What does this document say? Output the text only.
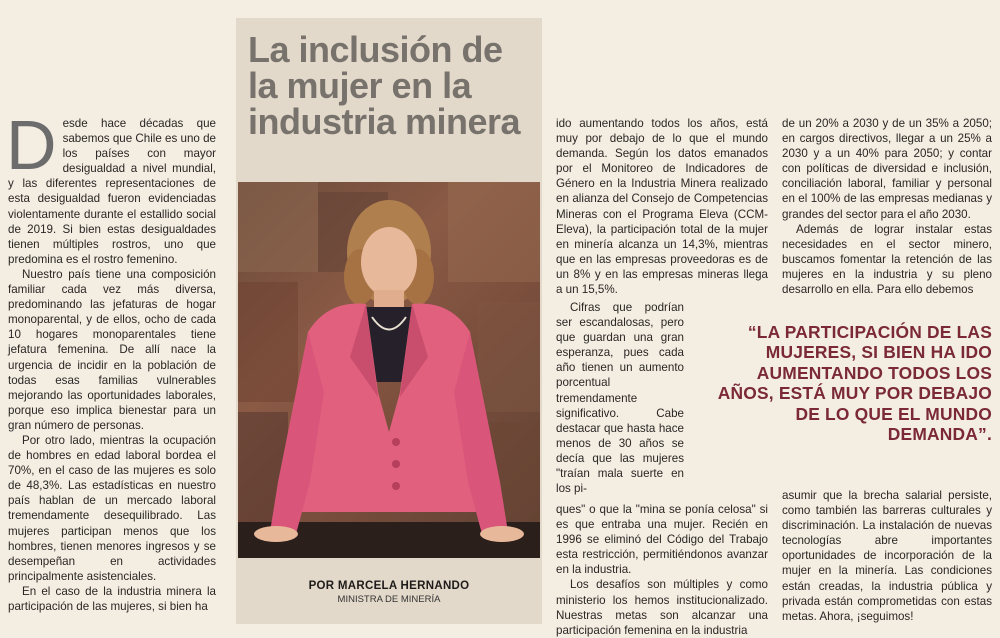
Desde hace décadas que sabemos que Chile es uno de los países con mayor desigualdad a nivel mundial, y las diferentes representaciones de esta desigualdad fueron evidenciadas violentamente durante el estallido social de 2019. Si bien estas desigualdades tienen múltiples rostros, uno que predomina es el rostro femenino.

Nuestro país tiene una composición familiar cada vez más diversa, predominando las jefaturas de hogar monoparental, y de ellos, ocho de cada 10 hogares monoparentales tiene jefatura femenina. De allí nace la urgencia de incidir en la población de todas esas familias vulnerables mejorando las oportunidades laborales, porque eso implica bienestar para un gran número de personas.

Por otro lado, mientras la ocupación de hombres en edad laboral bordea el 70%, en el caso de las mujeres es solo de 48,3%. Las estadísticas en nuestro país hablan de un mercado laboral tremendamente desequilibrado. Las mujeres participan menos que los hombres, tienen menores ingresos y se desempeñan en actividades principalmente asistenciales.

En el caso de la industria minera la participación de las mujeres, si bien ha

La inclusión de la mujer en la industria minera
POR MARCELA HERNANDO
MINISTRA DE MINERÍA

ido aumentando todos los años, está muy por debajo de lo que el mundo demanda. Según los datos emanados por el Monitoreo de Indicadores de Género en la Industria Minera realizado en alianza del Consejo de Competencias Mineras con el Programa Eleva (CCM-Eleva), la participación total de la mujer en minería alcanza un 14,3%, mientras que en las empresas proveedoras es de un 8% y en las empresas mineras llega a un 15,5%.

Cifras que podrían ser escandalosas, pero que guardan una gran esperanza, pues cada año tienen un aumento porcentual tremendamente significativo. Cabe destacar que hasta hace menos de 30 años se decía que las mujeres "traían mala suerte en los pi-

ques" o que la "mina se ponía celosa" si es que entraba una mujer. Recién en 1996 se eliminó del Código del Trabajo esta restricción, permitiéndonos avanzar en la industria.

Los desafíos son múltiples y como ministerio los hemos institucionalizado. Nuestras metas son alcanzar una participación femenina en la industria

de un 20% a 2030 y de un 35% a 2050; en cargos directivos, llegar a un 25% a 2030 y a un 40% para 2050; y contar con políticas de diversidad e inclusión, conciliación laboral, familiar y personal en el 100% de las empresas medianas y grandes del sector para el año 2030.

Además de lograr instalar estas necesidades en el sector minero, buscamos fomentar la retención de las mujeres en la industria y su pleno desarrollo en ella. Para ello debemos

“LA PARTICIPACIÓN DE LAS MUJERES, SI BIEN HA IDO AUMENTANDO TODOS LOS AÑOS, ESTÁ MUY POR DEBAJO DE LO QUE EL MUNDO DEMANDA”.

asumir que la brecha salarial persiste, como también las barreras culturales y discriminación. La instalación de nuevas tecnologías abre importantes oportunidades de incorporación de la mujer en la minería. Las condiciones están creadas, la industria pública y privada están comprometidas con estas metas. Ahora, ¡seguimos!
